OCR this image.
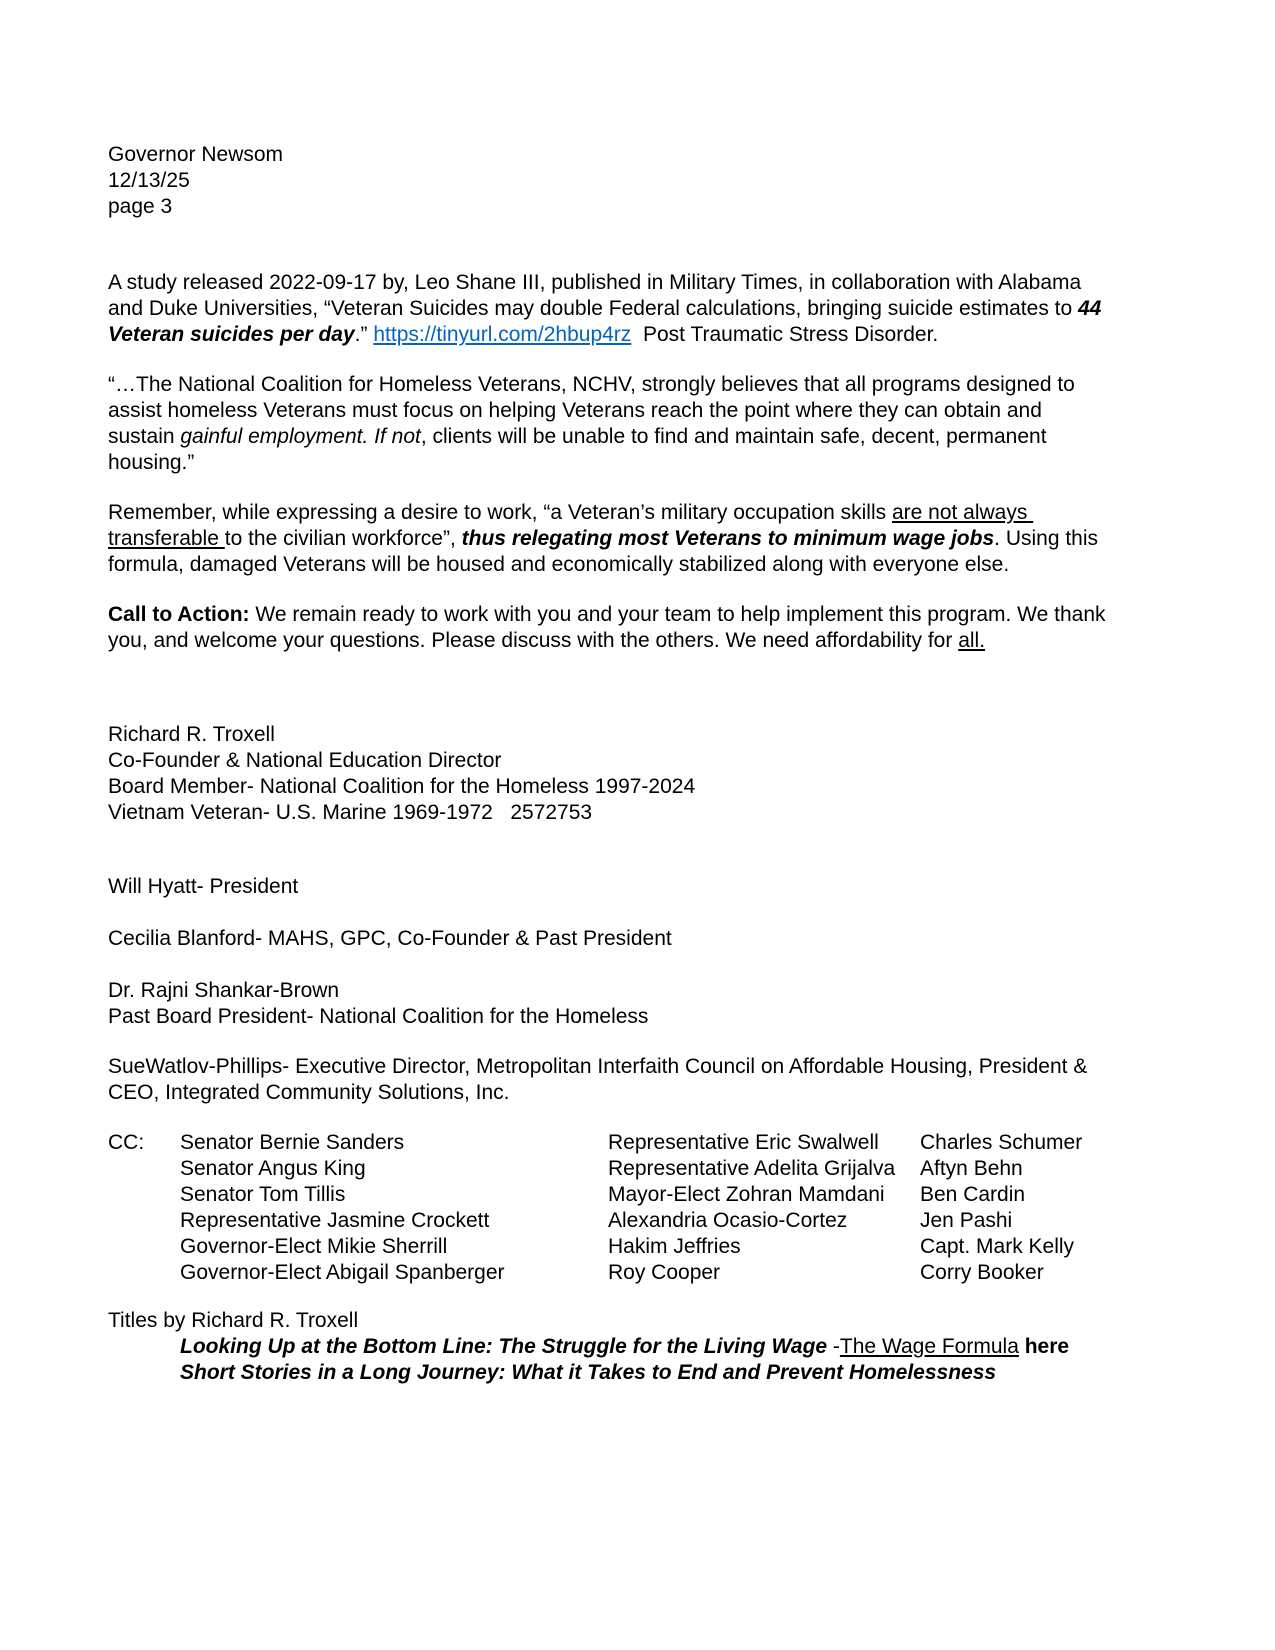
Governor Newsom
12/13/25
page 3

A study released 2022-09-17 by, Leo Shane III, published in Military Times, in collaboration with Alabama and Duke Universities, “Veteran Suicides may double Federal calculations, bringing suicide estimates to 44 Veteran suicides per day.” https://tinyurl.com/2hbup4rz  Post Traumatic Stress Disorder.

“…The National Coalition for Homeless Veterans, NCHV, strongly believes that all programs designed to assist homeless Veterans must focus on helping Veterans reach the point where they can obtain and sustain gainful employment. If not, clients will be unable to find and maintain safe, decent, permanent housing.”

Remember, while expressing a desire to work, “a Veteran’s military occupation skills are not always transferable to the civilian workforce”, thus relegating most Veterans to minimum wage jobs. Using this formula, damaged Veterans will be housed and economically stabilized along with everyone else.

Call to Action: We remain ready to work with you and your team to help implement this program. We thank you, and welcome your questions. Please discuss with the others. We need affordability for all.

Richard R. Troxell
Co-Founder & National Education Director
Board Member- National Coalition for the Homeless 1997-2024
Vietnam Veteran- U.S. Marine 1969-1972   2572753
Will Hyatt- President
Cecilia Blanford- MAHS, GPC, Co-Founder & Past President
Dr. Rajni Shankar-Brown
Past Board President- National Coalition for the Homeless
SueWatlov-Phillips- Executive Director, Metropolitan Interfaith Council on Affordable Housing, President & CEO, Integrated Community Solutions, Inc.
CC:	Senator Bernie Sanders
Senator Angus King
Senator Tom Tillis
Representative Jasmine Crockett
Governor-Elect Mikie Sherrill
Governor-Elect Abigail Spanberger
Representative Eric Swalwell
Representative Adelita Grijalva
Mayor-Elect Zohran Mamdani
Alexandria Ocasio-Cortez
Hakim Jeffries
Roy Cooper
Charles Schumer
Aftyn Behn
Ben Cardin
Jen Pashi
Capt. Mark Kelly
Corry Booker
Titles by Richard R. Troxell
Looking Up at the Bottom Line: The Struggle for the Living Wage -The Wage Formula here
Short Stories in a Long Journey: What it Takes to End and Prevent Homelessness
